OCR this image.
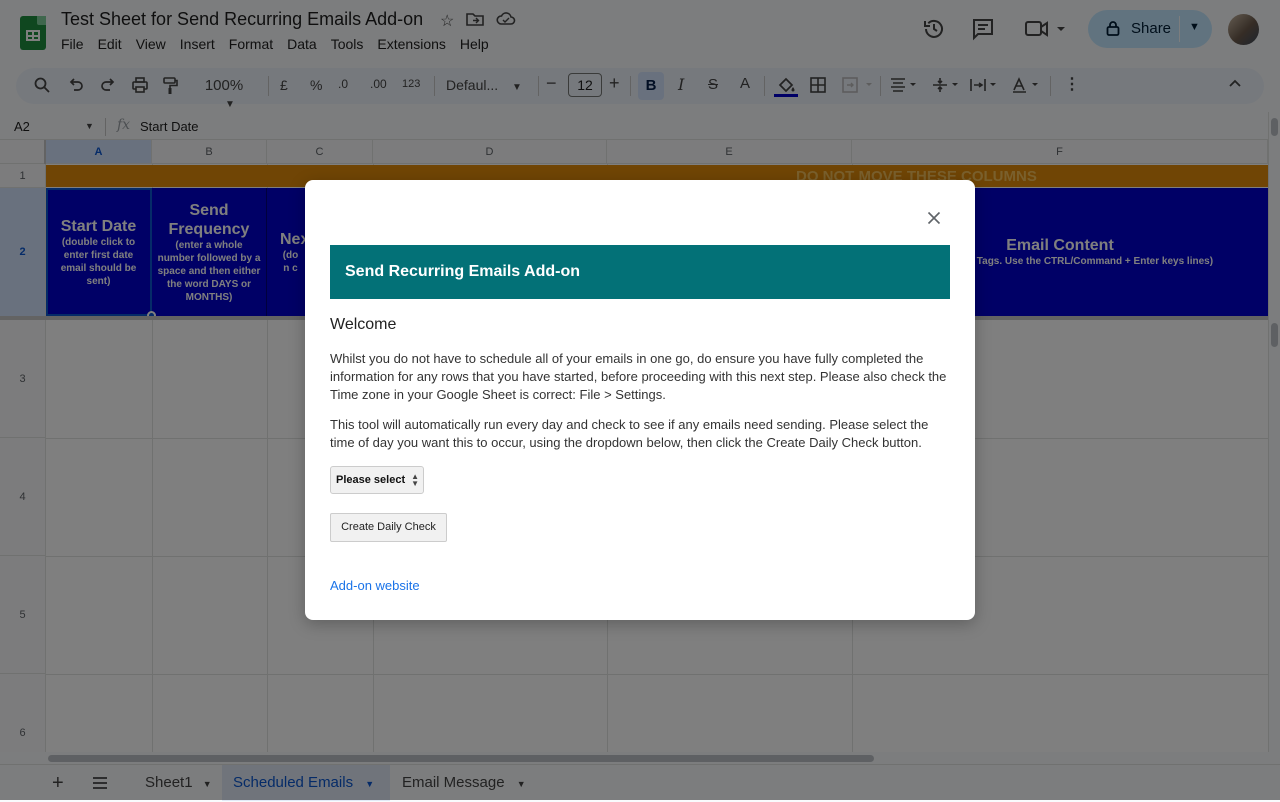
Send Recurring Emails Add-on
Welcome

Whilst you do not have to schedule all of your emails in one go, do ensure you have fully completed the information for any rows that you have started, before proceeding with this next step. Please also check the Time zone in your Google Sheet is correct: File > Settings.

This tool will automatically run every day and check to see if any emails need sending. Please select the time of day you want this to occur, using the dropdown below, then click the Create Daily Check button.

Please select ▲
▼
Create Daily Check
Add-on website
